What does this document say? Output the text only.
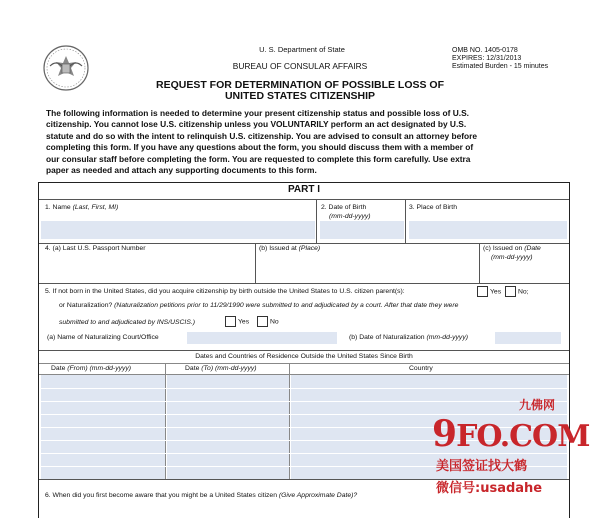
U. S. Department of State
BUREAU OF CONSULAR AFFAIRS
OMB NO. 1405-0178
EXPIRES: 12/31/2013
Estimated Burden - 15 minutes
REQUEST FOR DETERMINATION OF POSSIBLE LOSS OF
UNITED STATES CITIZENSHIP
The following information is needed to determine your present citizenship status and possible loss of U.S.
citizenship. You cannot lose U.S. citizenship unless you VOLUNTARILY perform an act designated by U.S.
statute and do so with the intent to relinquish U.S. citizenship. You are advised to consult an attorney before
completing this form. If you have any questions about the form, you should discuss them with a member of
our consular staff before completing the form. You are requested to complete this form carefully. Use extra
paper as needed and attach any supporting documents to this form.
PART I
1. Name (Last, First, MI)	2. Date of Birth
(mm-dd-yyyy)
3. Place of Birth
4. (a) Last U.S. Passport Number	(b) Issued at (Place)	(c) Issued on (Date
(mm-dd-yyyy)
5. If not born in the United States, did you acquire citizenship by birth outside the United States to U.S. citizen parent(s):	Yes No;
or Naturalization? (Naturalization petitions prior to 11/29/1990 were submitted to and adjudicated by a court. After that date they were
submitted to and adjudicated by INS/USCIS.)	Yes	No
(a) Name of Naturalizing Court/Office	(b) Date of Naturalization (mm-dd-yyyy)
Dates and Countries of Residence Outside the United States Since Birth
Date (From) (mm-dd-yyyy)	Date (To) (mm-dd-yyyy)	Country
6. When did you first become aware that you might be a United States citizen (Give Approximate Date)?
九佛网
9FO.COM
美国签证找大鹤
微信号:usadahe
